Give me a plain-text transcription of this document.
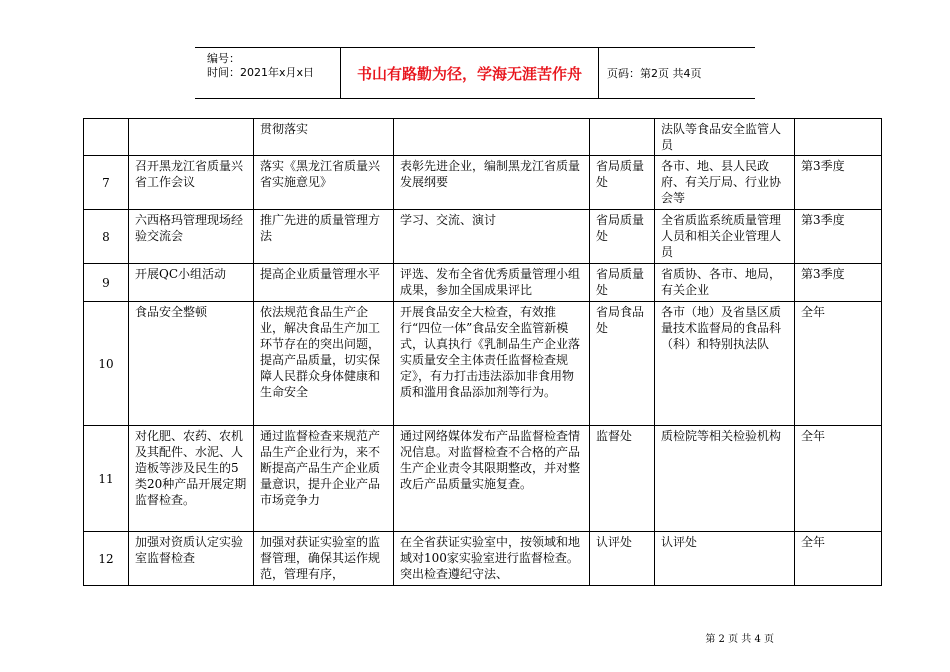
编号：
时间：2021年x月x日	书山有路勤为径，学海无涯苦作舟	页码：第2页 共4页
		贯彻落实			法队等食品安全监管人员	
7	召开黑龙江省质量兴省工作会议	落实《黑龙江省质量兴省实施意见》	表彰先进企业，编制黑龙江省质量发展纲要	省局质量处	各市、地、县人民政府、有关厅局、行业协会等	第3季度
8	六西格玛管理现场经验交流会	推广先进的质量管理方法	学习、交流、演讨	省局质量处	全省质监系统质量管理人员和相关企业管理人员	第3季度
9	开展QC小组活动	提高企业质量管理水平	评选、发布全省优秀质量管理小组成果，参加全国成果评比	省局质量处	省质协、各市、地局，有关企业	第3季度
10	食品安全整顿	依法规范食品生产企业，解决食品生产加工环节存在的突出问题，提高产品质量，切实保障人民群众身体健康和生命安全	开展食品安全大检查，有效推行“四位一体”食品安全监管新模式，认真执行《乳制品生产企业落实质量安全主体责任监督检查规定》，有力打击违法添加非食用物质和滥用食品添加剂等行为。	省局食品处	各市（地）及省垦区质量技术监督局的食品科（科）和特别执法队	全年
11	对化肥、农药、农机及其配件、水泥、人造板等涉及民生的5类20种产品开展定期监督检查。	通过监督检查来规范产品生产企业行为，来不断提高产品生产企业质量意识，提升企业产品市场竞争力	通过网络媒体发布产品监督检查情况信息。对监督检查不合格的产品生产企业责令其限期整改，并对整改后产品质量实施复查。	监督处	质检院等相关检验机构	全年
12	加强对资质认定实验室监督检查	加强对获证实验室的监督管理，确保其运作规范，管理有序，	在全省获证实验室中，按领域和地域对100家实验室进行监督检查。突出检查遵纪守法、	认评处	认评处	全年
第 2 页 共 4 页
